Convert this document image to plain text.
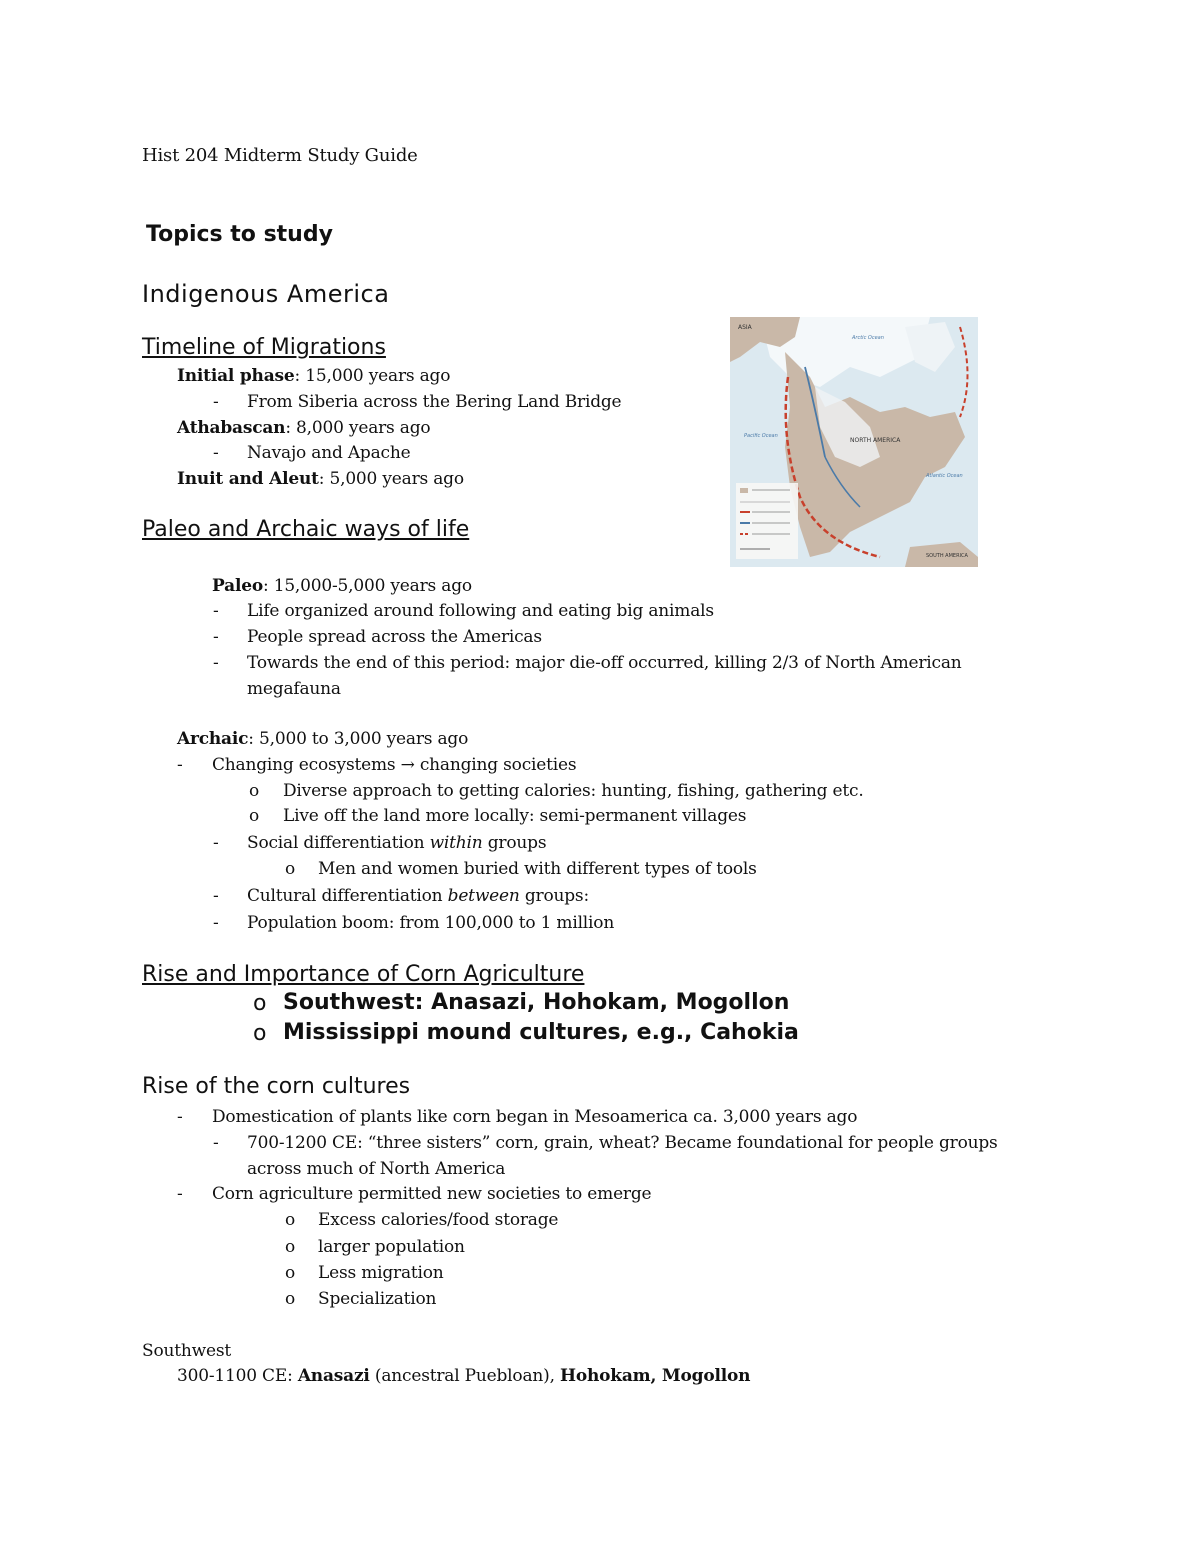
Hist 204 Midterm Study Guide
Topics to study
Indigenous America
Timeline of Migrations
Initial phase: 15,000 years ago
- From Siberia across the Bering Land Bridge
Athabascan: 8,000 years ago
- Navajo and Apache
Inuit and Aleut: 5,000 years ago
ASIA
Arctic Ocean
NORTH AMERICA
Pacific Ocean
Atlantic Ocean
SOUTH AMERICA
Paleo and Archaic ways of life
Paleo: 15,000-5,000 years ago
- Life organized around following and eating big animals
- People spread across the Americas
- Towards the end of this period: major die-off occurred, killing 2/3 of North American
megafauna
Archaic: 5,000 to 3,000 years ago
- Changing ecosystems → changing societies
o Diverse approach to getting calories: hunting, fishing, gathering etc.
o Live off the land more locally: semi-permanent villages
- Social differentiation within groups
o Men and women buried with different types of tools
- Cultural differentiation between groups:
- Population boom: from 100,000 to 1 million
Rise and Importance of Corn Agriculture
o Southwest: Anasazi, Hohokam, Mogollon
o Mississippi mound cultures, e.g., Cahokia
Rise of the corn cultures
- Domestication of plants like corn began in Mesoamerica ca. 3,000 years ago
- 700-1200 CE: “three sisters” corn, grain, wheat? Became foundational for people groups
across much of North America
- Corn agriculture permitted new societies to emerge
o Excess calories/food storage
o larger population
o Less migration
o Specialization
Southwest
300-1100 CE: Anasazi (ancestral Puebloan), Hohokam, Mogollon
